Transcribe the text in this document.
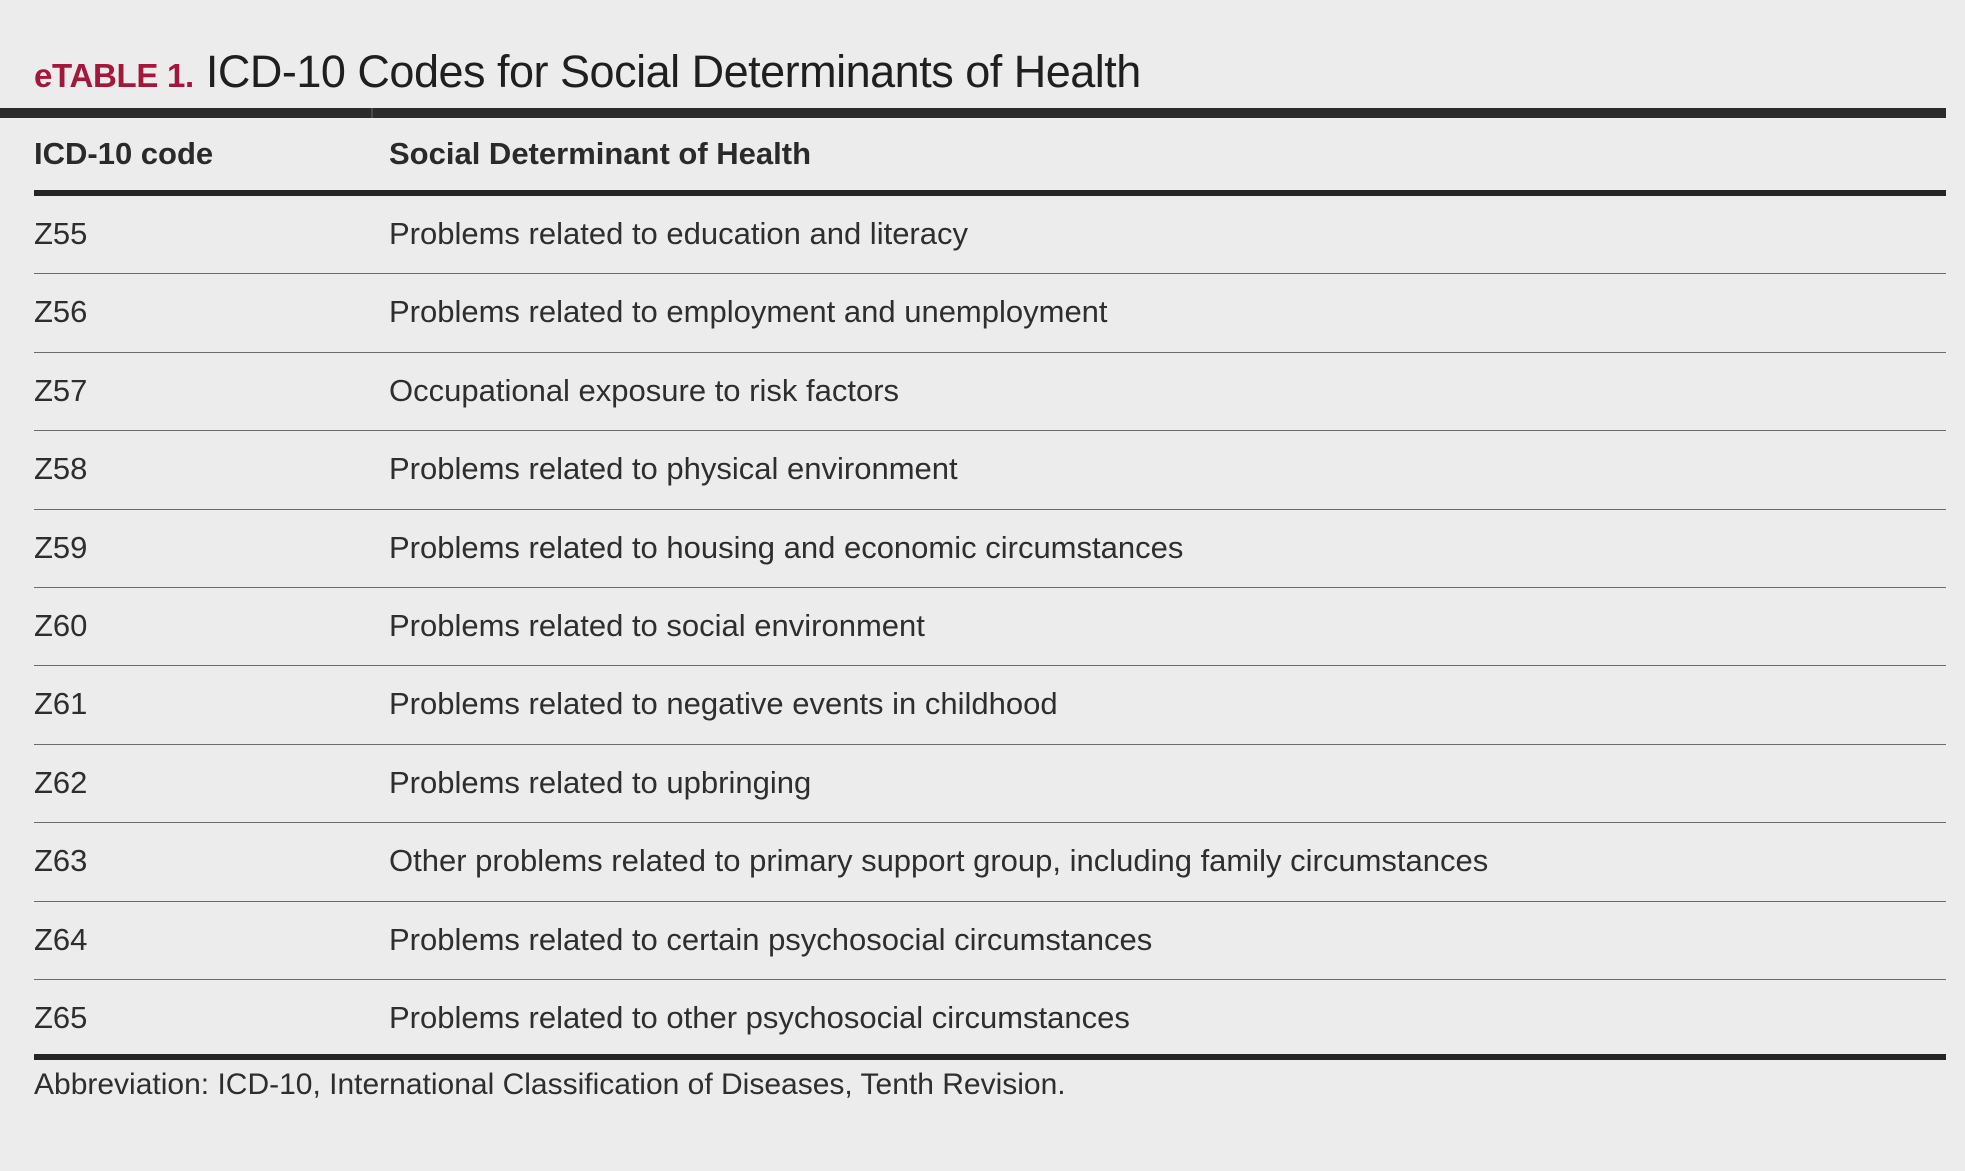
eTABLE 1. ICD-10 Codes for Social Determinants of Health
ICD-10 code	Social Determinant of Health
Z55	Problems related to education and literacy
Z56	Problems related to employment and unemployment
Z57	Occupational exposure to risk factors
Z58	Problems related to physical environment
Z59	Problems related to housing and economic circumstances
Z60	Problems related to social environment
Z61	Problems related to negative events in childhood
Z62	Problems related to upbringing
Z63	Other problems related to primary support group, including family circumstances
Z64	Problems related to certain psychosocial circumstances
Z65	Problems related to other psychosocial circumstances
Abbreviation: ICD-10, International Classification of Diseases, Tenth Revision.
